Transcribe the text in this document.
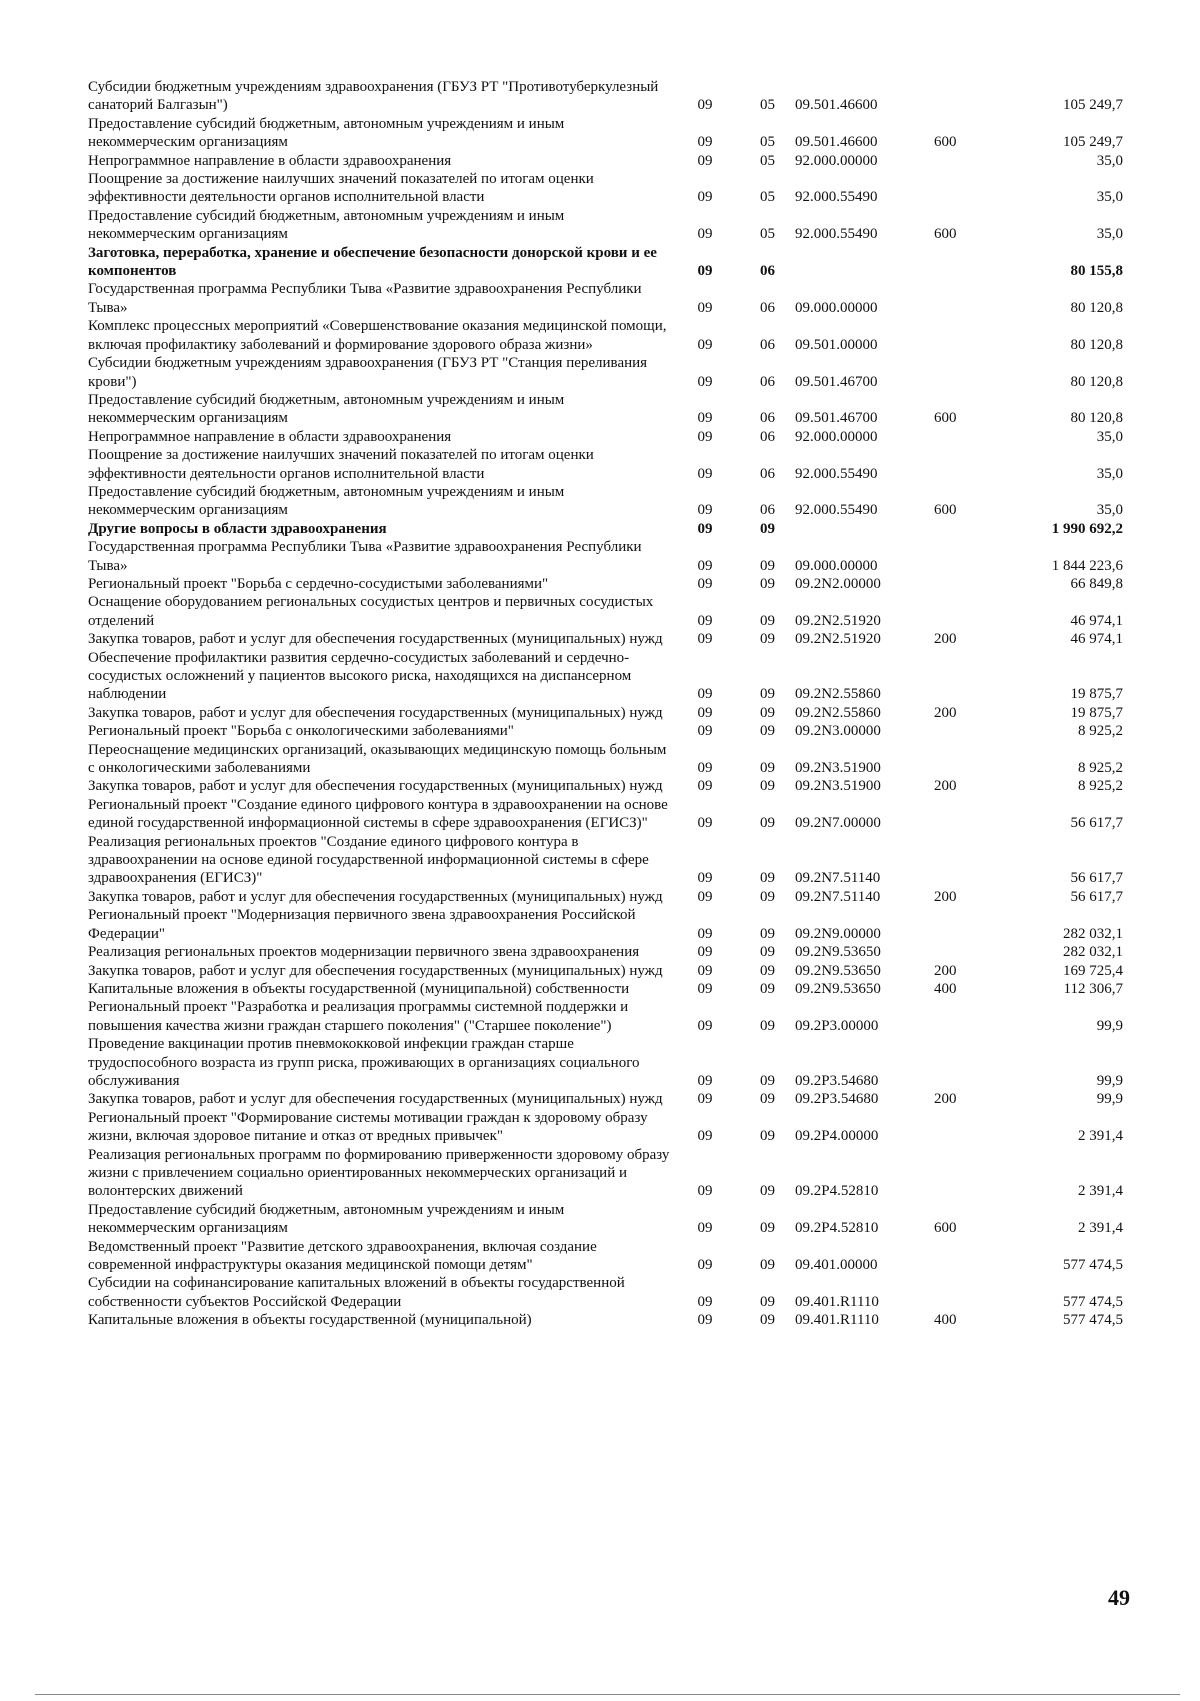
Субсидии бюджетным учреждениям здравоохранения (ГБУЗ РТ "Противотуберкулезный санаторий Балгазын")	09	05	09.501.46600		105 249,7
Предоставление субсидий бюджетным, автономным учреждениям и иным некоммерческим организациям	09	05	09.501.46600	600	105 249,7
Непрограммное направление в области здравоохранения	09	05	92.000.00000		35,0
Поощрение за достижение наилучших значений показателей по итогам оценки эффективности деятельности органов исполнительной власти	09	05	92.000.55490		35,0
Предоставление субсидий бюджетным, автономным учреждениям и иным некоммерческим организациям	09	05	92.000.55490	600	35,0
Заготовка, переработка, хранение и обеспечение безопасности донорской крови и ее компонентов	09	06			80 155,8
Государственная программа Республики Тыва «Развитие здравоохранения Республики Тыва»	09	06	09.000.00000		80 120,8
Комплекс процессных мероприятий «Совершенствование оказания медицинской помощи, включая профилактику заболеваний и формирование здорового образа жизни»	09	06	09.501.00000		80 120,8
Субсидии бюджетным учреждениям здравоохранения (ГБУЗ РТ "Станция переливания крови")	09	06	09.501.46700		80 120,8
Предоставление субсидий бюджетным, автономным учреждениям и иным некоммерческим организациям	09	06	09.501.46700	600	80 120,8
Непрограммное направление в области здравоохранения	09	06	92.000.00000		35,0
Поощрение за достижение наилучших значений показателей по итогам оценки эффективности деятельности органов исполнительной власти	09	06	92.000.55490		35,0
Предоставление субсидий бюджетным, автономным учреждениям и иным некоммерческим организациям	09	06	92.000.55490	600	35,0
Другие вопросы в области здравоохранения	09	09			1 990 692,2
Государственная программа Республики Тыва «Развитие здравоохранения Республики Тыва»	09	09	09.000.00000		1 844 223,6
Региональный проект "Борьба с сердечно-сосудистыми заболеваниями"	09	09	09.2N2.00000		66 849,8
Оснащение оборудованием региональных сосудистых центров и первичных сосудистых отделений	09	09	09.2N2.51920		46 974,1
Закупка товаров, работ и услуг для обеспечения государственных (муниципальных) нужд	09	09	09.2N2.51920	200	46 974,1
Обеспечение профилактики развития сердечно-сосудистых заболеваний и сердечно-сосудистых осложнений у пациентов высокого риска, находящихся на диспансерном наблюдении	09	09	09.2N2.55860		19 875,7
Закупка товаров, работ и услуг для обеспечения государственных (муниципальных) нужд	09	09	09.2N2.55860	200	19 875,7
Региональный проект "Борьба с онкологическими заболеваниями"	09	09	09.2N3.00000		8 925,2
Переоснащение медицинских организаций, оказывающих медицинскую помощь больным с онкологическими заболеваниями	09	09	09.2N3.51900		8 925,2
Закупка товаров, работ и услуг для обеспечения государственных (муниципальных) нужд	09	09	09.2N3.51900	200	8 925,2
Региональный проект "Создание единого цифрового контура в здравоохранении на основе единой государственной информационной системы в сфере здравоохранения (ЕГИСЗ)"	09	09	09.2N7.00000		56 617,7
Реализация региональных проектов "Создание единого цифрового контура в здравоохранении на основе единой государственной информационной системы в сфере здравоохранения (ЕГИСЗ)"	09	09	09.2N7.51140		56 617,7
Закупка товаров, работ и услуг для обеспечения государственных (муниципальных) нужд	09	09	09.2N7.51140	200	56 617,7
Региональный проект "Модернизация первичного звена здравоохранения Российской Федерации"	09	09	09.2N9.00000		282 032,1
Реализация региональных проектов модернизации первичного звена здравоохранения	09	09	09.2N9.53650		282 032,1
Закупка товаров, работ и услуг для обеспечения государственных (муниципальных) нужд	09	09	09.2N9.53650	200	169 725,4
Капитальные вложения в объекты государственной (муниципальной) собственности	09	09	09.2N9.53650	400	112 306,7
Региональный проект "Разработка и реализация программы системной поддержки и повышения качества жизни граждан старшего поколения" ("Старшее поколение")	09	09	09.2P3.00000		99,9
Проведение вакцинации против пневмококковой инфекции граждан старше трудоспособного возраста из групп риска, проживающих в организациях социального обслуживания	09	09	09.2P3.54680		99,9
Закупка товаров, работ и услуг для обеспечения государственных (муниципальных) нужд	09	09	09.2P3.54680	200	99,9
Региональный проект "Формирование системы мотивации граждан к здоровому образу жизни, включая здоровое питание и отказ от вредных привычек"	09	09	09.2P4.00000		2 391,4
Реализация региональных программ по формированию приверженности здоровому образу жизни с привлечением социально ориентированных некоммерческих организаций и волонтерских движений	09	09	09.2P4.52810		2 391,4
Предоставление субсидий бюджетным, автономным учреждениям и иным некоммерческим организациям	09	09	09.2P4.52810	600	2 391,4
Ведомственный проект "Развитие детского здравоохранения, включая создание современной инфраструктуры оказания медицинской помощи детям"	09	09	09.401.00000		577 474,5
Субсидии на софинансирование капитальных вложений в объекты государственной собственности субъектов Российской Федерации	09	09	09.401.R1110		577 474,5
Капитальные вложения в объекты государственной (муниципальной)	09	09	09.401.R1110	400	577 474,5
49
